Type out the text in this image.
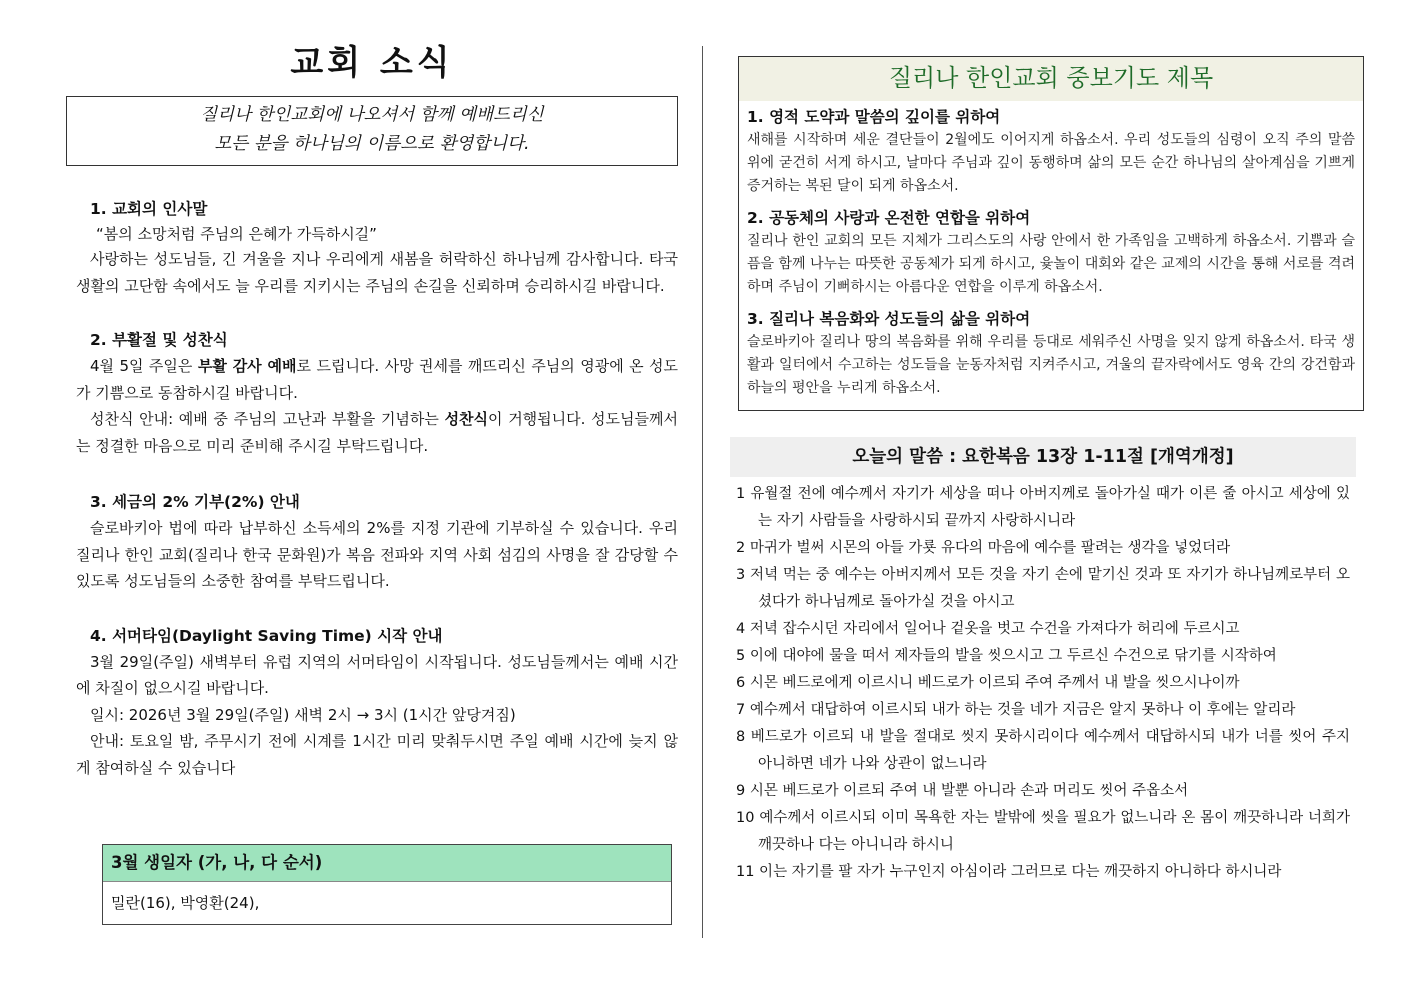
교회 소식
질리나 한인교회에 나오셔서 함께 예배드리신
모든 분을 하나님의 이름으로 환영합니다.

1. 교회의 인사말

“봄의 소망처럼 주님의 은혜가 가득하시길”

사랑하는 성도님들, 긴 겨울을 지나 우리에게 새봄을 허락하신 하나님께 감사합니다. 타국 생활의 고단함 속에서도 늘 우리를 지키시는 주님의 손길을 신뢰하며 승리하시길 바랍니다.

2. 부활절 및 성찬식

4월 5일 주일은 부활 감사 예배로 드립니다. 사망 권세를 깨뜨리신 주님의 영광에 온 성도가 기쁨으로 동참하시길 바랍니다.

성찬식 안내: 예배 중 주님의 고난과 부활을 기념하는 성찬식이 거행됩니다. 성도님들께서는 정결한 마음으로 미리 준비해 주시길 부탁드립니다.

3. 세금의 2% 기부(2%) 안내

슬로바키아 법에 따라 납부하신 소득세의 2%를 지정 기관에 기부하실 수 있습니다. 우리 질리나 한인 교회(질리나 한국 문화원)가 복음 전파와 지역 사회 섬김의 사명을 잘 감당할 수 있도록 성도님들의 소중한 참여를 부탁드립니다.

4. 서머타임(Daylight Saving Time) 시작 안내

3월 29일(주일) 새벽부터 유럽 지역의 서머타임이 시작됩니다. 성도님들께서는 예배 시간에 차질이 없으시길 바랍니다.

일시: 2026년 3월 29일(주일) 새벽 2시 → 3시 (1시간 앞당겨짐)

안내: 토요일 밤, 주무시기 전에 시계를 1시간 미리 맞춰두시면 주일 예배 시간에 늦지 않게 참여하실 수 있습니다

3월 생일자 (가, 나, 다 순서)
밀란(16), 박영환(24),
질리나 한인교회 중보기도 제목

1. 영적 도약과 말씀의 깊이를 위하여

새해를 시작하며 세운 결단들이 2월에도 이어지게 하옵소서. 우리 성도들의 심령이 오직 주의 말씀 위에 굳건히 서게 하시고, 날마다 주님과 깊이 동행하며 삶의 모든 순간 하나님의 살아계심을 기쁘게 증거하는 복된 달이 되게 하옵소서.

2. 공동체의 사랑과 온전한 연합을 위하여

질리나 한인 교회의 모든 지체가 그리스도의 사랑 안에서 한 가족임을 고백하게 하옵소서. 기쁨과 슬픔을 함께 나누는 따뜻한 공동체가 되게 하시고, 윷놀이 대회와 같은 교제의 시간을 통해 서로를 격려하며 주님이 기뻐하시는 아름다운 연합을 이루게 하옵소서.

3. 질리나 복음화와 성도들의 삶을 위하여

슬로바키아 질리나 땅의 복음화를 위해 우리를 등대로 세워주신 사명을 잊지 않게 하옵소서. 타국 생활과 일터에서 수고하는 성도들을 눈동자처럼 지켜주시고, 겨울의 끝자락에서도 영육 간의 강건함과 하늘의 평안을 누리게 하옵소서.

오늘의 말씀 : 요한복음 13장 1-11절 [개역개정]

1 유월절 전에 예수께서 자기가 세상을 떠나 아버지께로 돌아가실 때가 이른 줄 아시고 세상에 있는 자기 사람들을 사랑하시되 끝까지 사랑하시니라

2 마귀가 벌써 시몬의 아들 가룟 유다의 마음에 예수를 팔려는 생각을 넣었더라

3 저녁 먹는 중 예수는 아버지께서 모든 것을 자기 손에 맡기신 것과 또 자기가 하나님께로부터 오셨다가 하나님께로 돌아가실 것을 아시고

4 저녁 잡수시던 자리에서 일어나 겉옷을 벗고 수건을 가져다가 허리에 두르시고

5 이에 대야에 물을 떠서 제자들의 발을 씻으시고 그 두르신 수건으로 닦기를 시작하여

6 시몬 베드로에게 이르시니 베드로가 이르되 주여 주께서 내 발을 씻으시나이까

7 예수께서 대답하여 이르시되 내가 하는 것을 네가 지금은 알지 못하나 이 후에는 알리라

8 베드로가 이르되 내 발을 절대로 씻지 못하시리이다 예수께서 대답하시되 내가 너를 씻어 주지 아니하면 네가 나와 상관이 없느니라

9 시몬 베드로가 이르되 주여 내 발뿐 아니라 손과 머리도 씻어 주옵소서

10 예수께서 이르시되 이미 목욕한 자는 발밖에 씻을 필요가 없느니라 온 몸이 깨끗하니라 너희가 깨끗하나 다는 아니니라 하시니

11 이는 자기를 팔 자가 누구인지 아심이라 그러므로 다는 깨끗하지 아니하다 하시니라
